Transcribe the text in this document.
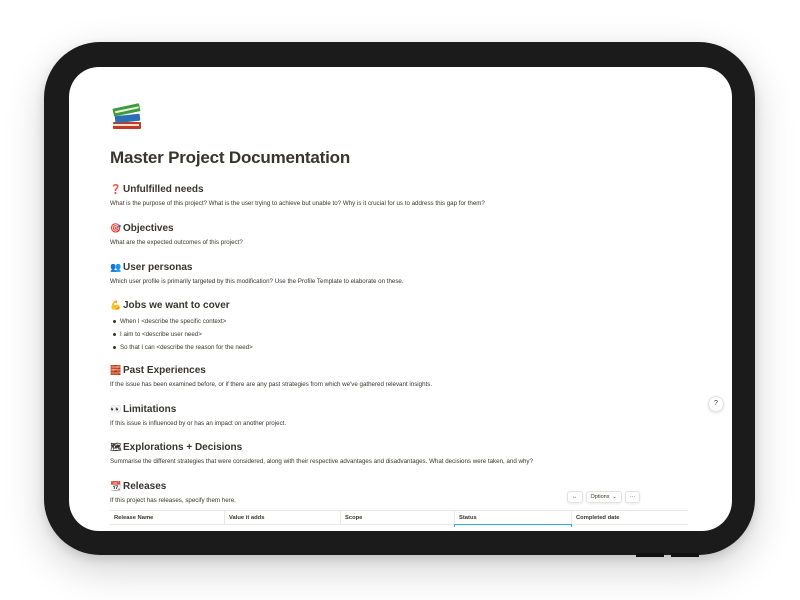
Master Project Documentation
❓ Unfulfilled needs
What is the purpose of this project? What is the user trying to achieve but unable to? Why is it crucial for us to address this gap for them?
🎯 Objectives
What are the expected outcomes of this project?
👥 User personas
Which user profile is primarily targeted by this modification? Use the Profile Template to elaborate on these.
💪 Jobs we want to cover
When I <describe the specific context>
I aim to <describe user need>
So that I can <describe the reason for the need>
🧱 Past Experiences
If the issue has been examined before, or if there are any past strategies from which we've gathered relevant insights.
👀 Limitations
If this issue is influenced by or has an impact on another project.
🗺 Explorations + Decisions
Summarise the different strategies that were considered, along with their respective advantages and disadvantages. What decisions were taken, and why?
📆 Releases
If this project has releases, specify them here.
Release Name	Value it adds	Scope	Status	Completed date
↔ Options ⌄	···
?
